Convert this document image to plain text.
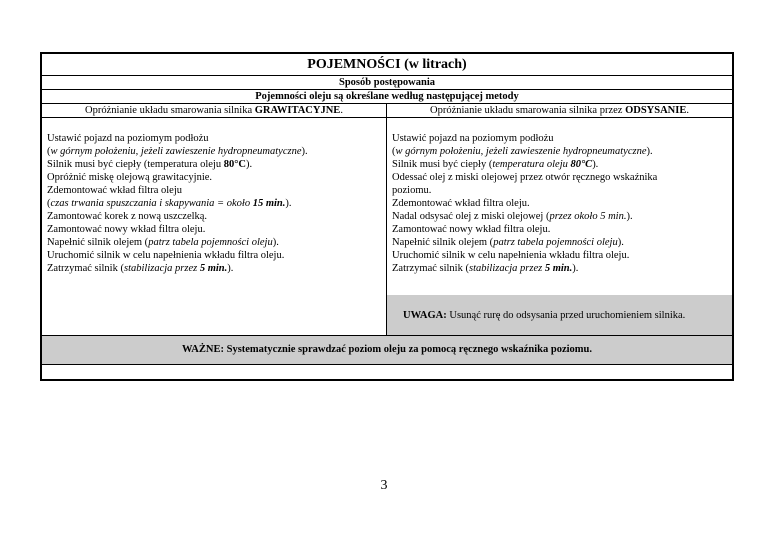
POJEMNOŚCI (w litrach)
Sposób postępowania
Pojemności oleju są określane według następującej metody
Opróżnianie układu smarowania silnika GRAWITACYJNE.	Opróżnianie układu smarowania silnika przez ODSYSANIE.
Ustawić pojazd na poziomym podłożu
(w górnym położeniu, jeżeli zawieszenie hydropneumatyczne).
Silnik musi być ciepły (temperatura oleju 80°C).
Opróżnić miskę olejową grawitacyjnie.
Zdemontować wkład filtra oleju
(czas trwania spuszczania i skapywania = około 15 min.).
Zamontować korek z nową uszczelką.
Zamontować nowy wkład filtra oleju.
Napełnić silnik olejem (patrz tabela pojemności oleju).
Uruchomić silnik w celu napełnienia wkładu filtra oleju.
Zatrzymać silnik (stabilizacja przez 5 min.).
Ustawić pojazd na poziomym podłożu
(w górnym położeniu, jeżeli zawieszenie hydropneumatyczne).
Silnik musi być ciepły (temperatura oleju 80°C).
Odessać olej z miski olejowej przez otwór ręcznego wskaźnika
poziomu.
Zdemontować wkład filtra oleju.
Nadal odsysać olej z miski olejowej (przez około 5 min.).
Zamontować nowy wkład filtra oleju.
Napełnić silnik olejem (patrz tabela pojemności oleju).
Uruchomić silnik w celu napełnienia wkładu filtra oleju.
Zatrzymać silnik (stabilizacja przez 5 min.).
UWAGA: Usunąć rurę do odsysania przed uruchomieniem silnika.
WAŻNE: Systematycznie sprawdzać poziom oleju za pomocą ręcznego wskaźnika poziomu.
3
